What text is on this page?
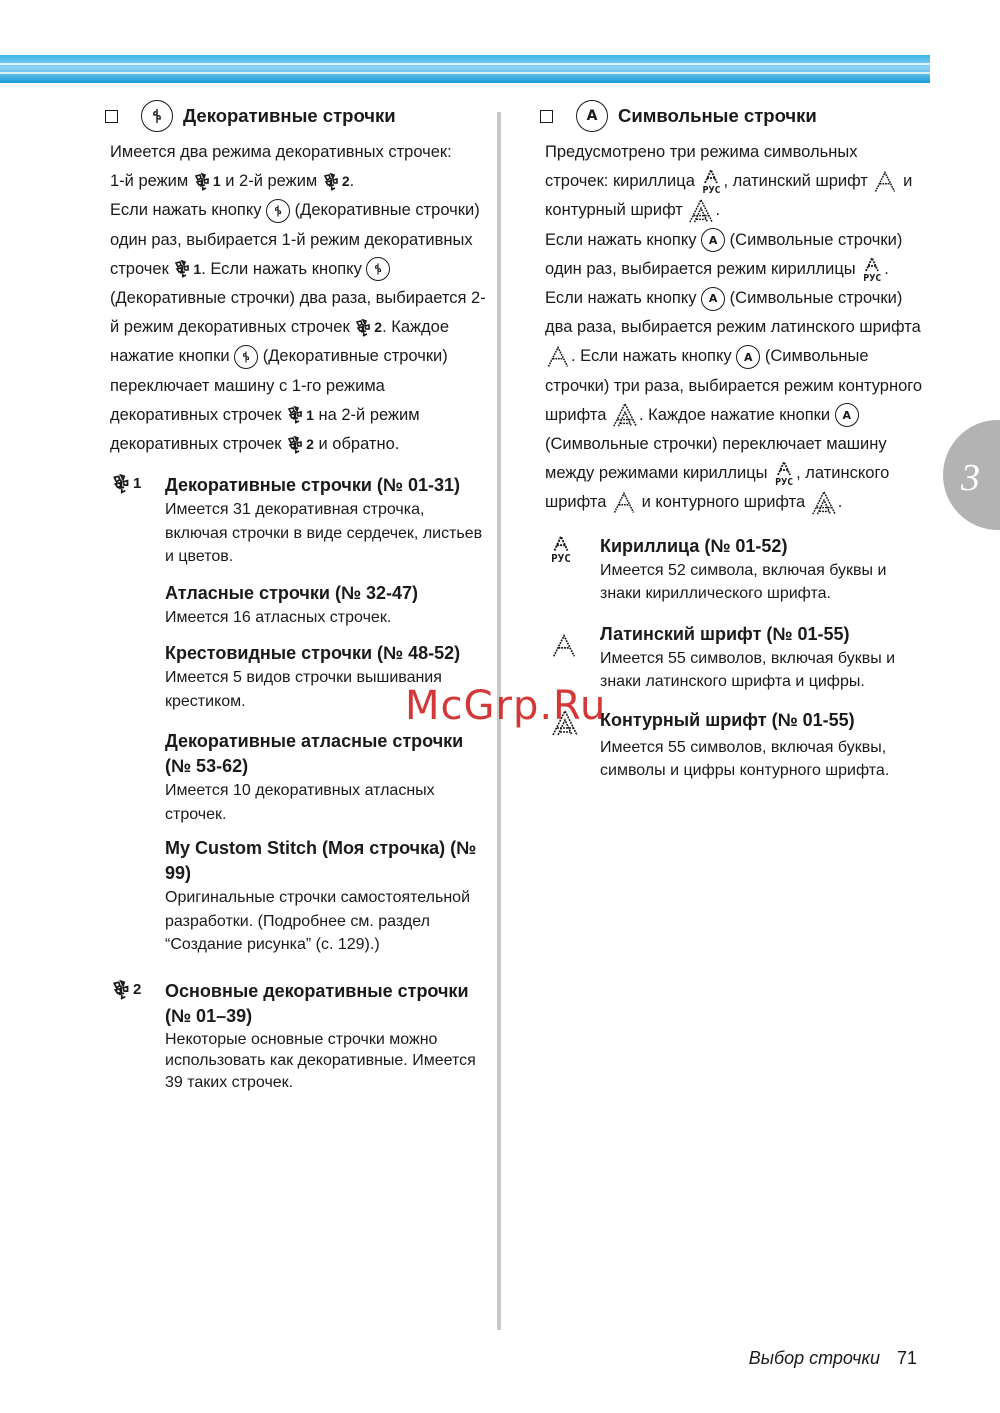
3
Декоративные строчки
Имеется два режима декоративных строчек:
1-й режим 1 и 2-й режим 2.
Если нажать кнопку (Декоративные строчки) один раз, выбирается 1-й режим декоративных строчек 1. Если нажать кнопку
(Декоративные строчки) два раза, выбирается 2-й режим декоративных строчек 2. Каждое нажатие кнопки (Декоративные строчки) переключает машину с 1-го режима декоративных строчек 1 на 2-й режим декоративных строчек 2 и обратно.
1 Декоративные строчки (№ 01-31)

Имеется 31 декоративная строчка, включая строчки в виде сердечек, листьев и цветов.

Атласные строчки (№ 32-47)

Имеется 16 атласных строчек.

Крестовидные строчки (№ 48-52)

Имеется 5 видов строчки вышивания крестиком.

Декоративные атласные строчки (№ 53-62)

Имеется 10 декоративных атласных строчек.

My Custom Stitch (Моя строчка) (№ 99)

Оригинальные строчки самостоятельной разработки. (Подробнее см. раздел “Создание рисунка” (с. 129).)

2 Основные декоративные строчки (№ 01–39)

Некоторые основные строчки можно использовать как декоративные. Имеется 39 таких строчек.

A	Символьные строчки
Предусмотрено три режима символьных строчек: кириллица
РУС, латинский шрифт и контурный шрифт .
Если нажать кнопку A (Символьные строчки) один раз, выбирается режим кириллицы
РУС. Если нажать кнопку A (Символьные строчки) два раза, выбирается режим латинского шрифта . Если нажать кнопку A (Символьные строчки) три раза, выбирается режим контурного шрифта . Каждое нажатие кнопки A (Символьные строчки) переключает машину между режимами кириллицы
РУС, латинского шрифта и контурного шрифта .

РУС
Кириллица (№ 01-52)

Имеется 52 символа, включая буквы и знаки кириллического шрифта.

Латинский шрифт (№ 01-55)

Имеется 55 символов, включая буквы и знаки латинского шрифта и цифры.

Контурный шрифт (№ 01-55)

Имеется 55 символов, включая буквы, символы и цифры контурного шрифта.

McGrp.Ru
Выбор строчки 71
